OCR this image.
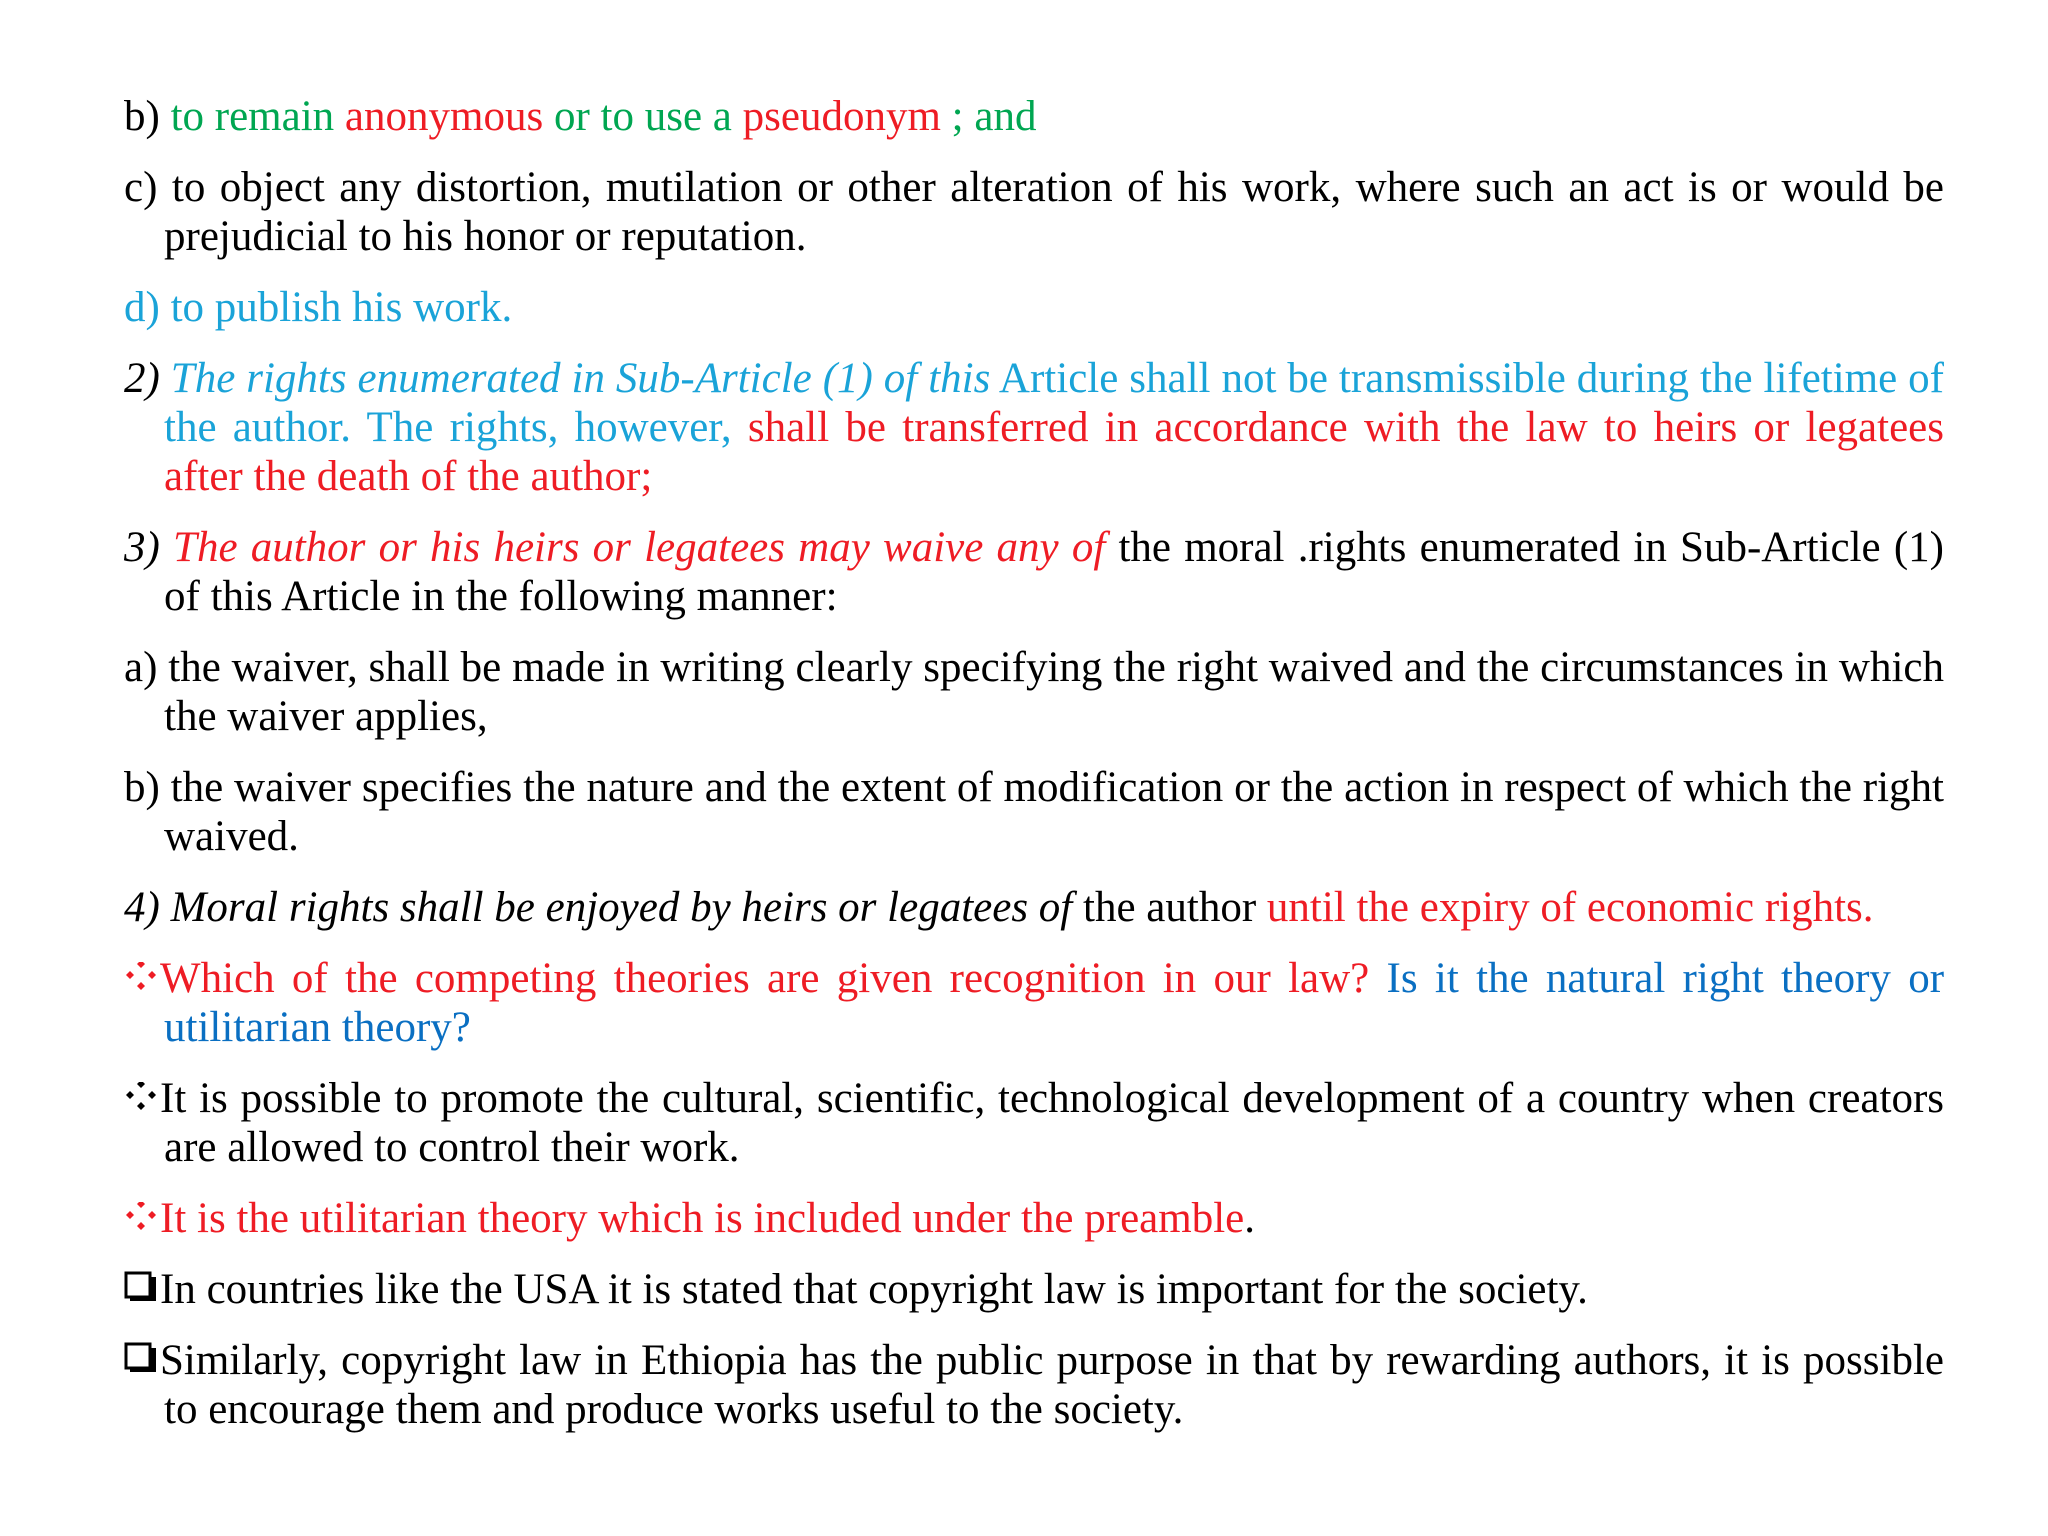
b) to remain anonymous or to use a pseudonym ; and
c) to object any distortion, mutilation or other alteration of his work, where such an act is or would be prejudicial to his honor or reputation.
d) to publish his work.
2) The rights enumerated in Sub-Article (1) of this Article shall not be transmissible during the lifetime of the author. The rights, however, shall be transferred in accordance with the law to heirs or legatees after the death of the author;
3) The author or his heirs or legatees may waive any of the moral .rights enumerated in Sub-Article (1) of this Article in the following manner:
a) the waiver, shall be made in writing clearly specifying the right waived and the circumstances in which the waiver applies,
b) the waiver specifies the nature and the extent of modification or the action in respect of which the right waived.
4) Moral rights shall be enjoyed by heirs or legatees of the author until the expiry of economic rights.
Which of the competing theories are given recognition in our law? Is it the natural right theory or utilitarian theory?
It is possible to promote the cultural, scientific, technological development of a country when creators are allowed to control their work.
It is the utilitarian theory which is included under the preamble.
In countries like the USA it is stated that copyright law is important for the society.
Similarly, copyright law in Ethiopia has the public purpose in that by rewarding authors, it is possible to encourage them and produce works useful to the society.
